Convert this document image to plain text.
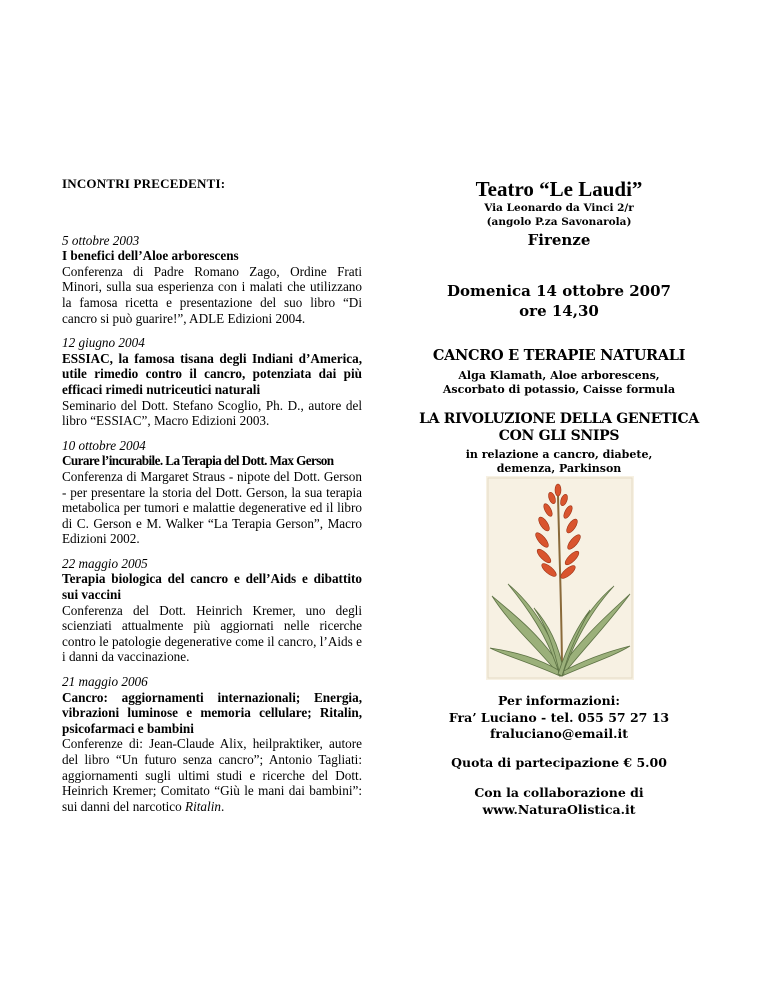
INCONTRI PRECEDENTI:
5 ottobre 2003
I benefici dell’Aloe arborescens
Conferenza di Padre Romano Zago, Ordine Frati Minori, sulla sua esperienza con i malati che utilizzano la famosa ricetta e presentazione del suo libro “Di cancro si può guarire!”, ADLE Edizioni 2004.
12 giugno 2004
ESSIAC, la famosa tisana degli Indiani d’America, utile rimedio contro il cancro, potenziata dai più efficaci rimedi nutriceutici naturali
Seminario del Dott. Stefano Scoglio, Ph. D., autore del libro “ESSIAC”, Macro Edizioni 2003.
10 ottobre 2004
Curare l’incurabile. La Terapia del Dott. Max Gerson
Conferenza di Margaret Straus - nipote del Dott. Gerson - per presentare la storia del Dott. Gerson, la sua terapia metabolica per tumori e malattie degenerative ed il libro di C. Gerson e M. Walker “La Terapia Gerson”, Macro Edizioni 2002.
22 maggio 2005
Terapia biologica del cancro e dell’Aids e dibattito sui vaccini
Conferenza del Dott. Heinrich Kremer, uno degli scienziati attualmente più aggiornati nelle ricerche contro le patologie degenerative come il cancro, l’Aids e i danni da vaccinazione.
21 maggio 2006
Cancro: aggiornamenti internazionali; Energia, vibrazioni luminose e memoria cellulare; Ritalin, psicofarmaci e bambini
Conferenze di: Jean-Claude Alix, heilpraktiker, autore del libro “Un futuro senza cancro”; Antonio Tagliati: aggiornamenti sugli ultimi studi e ricerche del Dott. Heinrich Kremer; Comitato “Giù le mani dai bambini”: sui danni del narcotico Ritalin.
Teatro “Le Laudi”
Via Leonardo da Vinci 2/r
(angolo P.za Savonarola)
Firenze
Domenica 14 ottobre 2007
ore 14,30
CANCRO E TERAPIE NATURALI
Alga Klamath, Aloe arborescens,
Ascorbato di potassio, Caisse formula
LA RIVOLUZIONE DELLA GENETICA
CON GLI SNIPS
in relazione a cancro, diabete,
demenza, Parkinson
Per informazioni:
Fra’ Luciano - tel. 055 57 27 13
fraluciano@email.it
Quota di partecipazione € 5.00
Con la collaborazione di
www.NaturaOlistica.it
